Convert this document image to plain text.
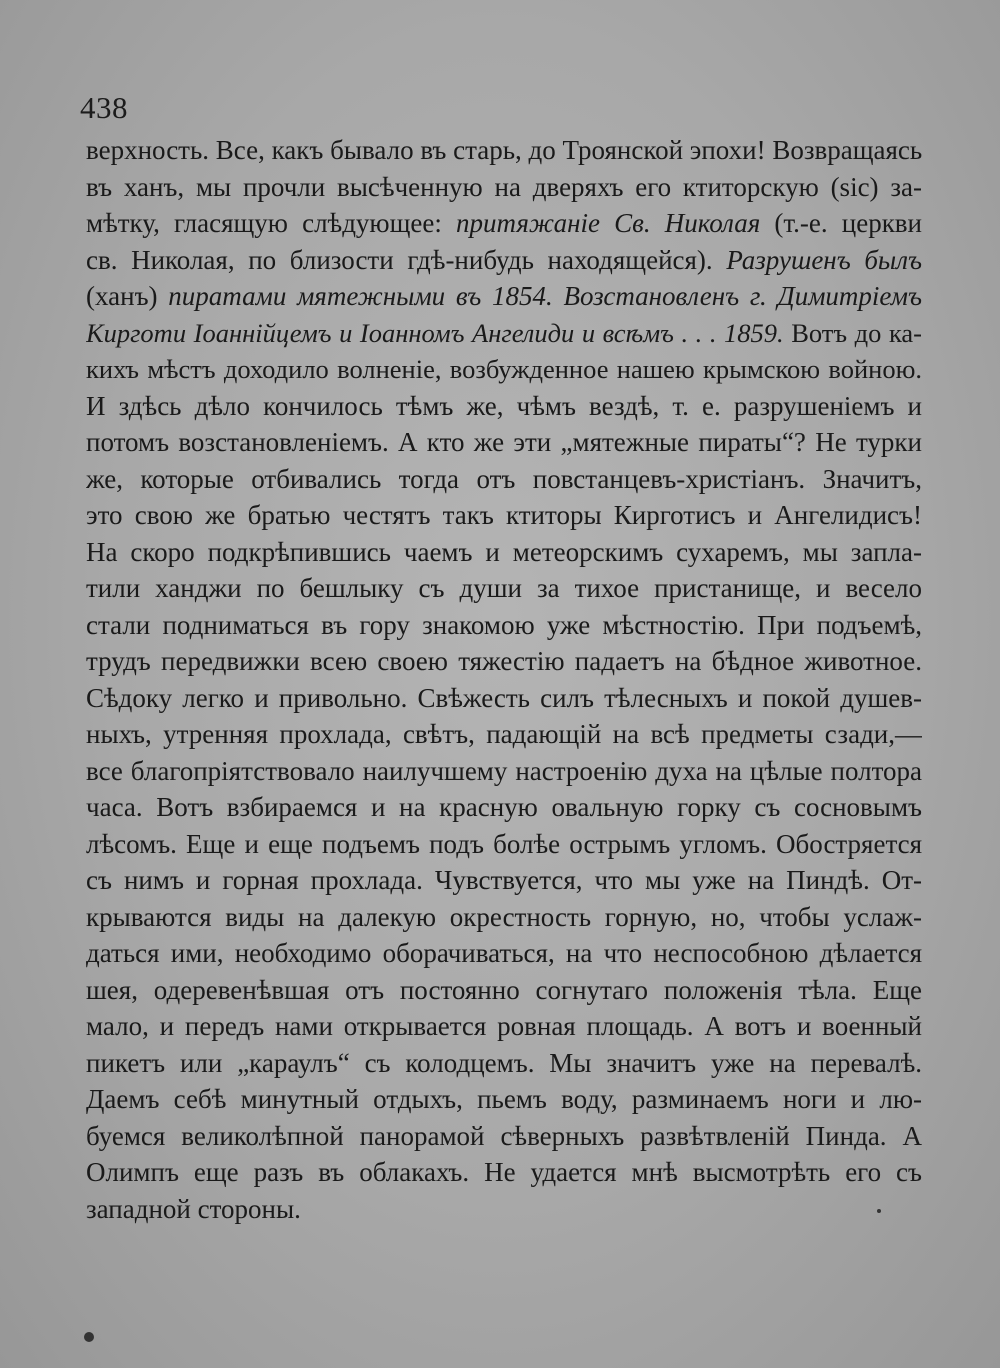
438
верхность. Все, какъ бывало въ старь, до Троянской эпохи! Возвращаясь
въ ханъ, мы прочли высѣченную на дверяхъ его ктиторскую (sic) за-
мѣтку, гласящую слѣдующее: притяжаніе Св. Николая (т.-е. церкви
св. Николая, по близости гдѣ-нибудь находящейся). Разрушенъ былъ
(ханъ) пиратами мятежными въ 1854. Возстановленъ г. Димитріемъ
Кирготи Іоаннійцемъ и Іоанномъ Ангелиди и всѣмъ . . . 1859. Вотъ до ка-
кихъ мѣстъ доходило волненіе, возбужденное нашею крымскою войною.
И здѣсь дѣло кончилось тѣмъ же, чѣмъ вездѣ, т. е. разрушеніемъ и
потомъ возстановленіемъ. А кто же эти „мятежные пираты“? Не турки
же, которые отбивались тогда отъ повстанцевъ-христіанъ. Значитъ,
это свою же братью честятъ такъ ктиторы Кирготисъ и Ангелидисъ!
На скоро подкрѣпившись чаемъ и метеорскимъ сухаремъ, мы запла-
тили ханджи по бешлыку съ души за тихое пристанище, и весело
стали подниматься въ гору знакомою уже мѣстностію. При подъемѣ,
трудъ передвижки всею своею тяжестію падаетъ на бѣдное животное.
Сѣдоку легко и привольно. Свѣжесть силъ тѣлесныхъ и покой душев-
ныхъ, утренняя прохлада, свѣтъ, падающій на всѣ предметы сзади,—
все благопріятствовало наилучшему настроенію духа на цѣлые полтора
часа. Вотъ взбираемся и на красную овальную горку съ сосновымъ
лѣсомъ. Еще и еще подъемъ подъ болѣе острымъ угломъ. Обостряется
съ нимъ и горная прохлада. Чувствуется, что мы уже на Пиндѣ. От-
крываются виды на далекую окрестность горную, но, чтобы услаж-
даться ими, необходимо оборачиваться, на что неспособною дѣлается
шея, одеревенѣвшая отъ постоянно согнутаго положенія тѣла. Еще
мало, и передъ нами открывается ровная площадь. А вотъ и военный
пикетъ или „караулъ“ съ колодцемъ. Мы значитъ уже на перевалѣ.
Даемъ себѣ минутный отдыхъ, пьемъ воду, разминаемъ ноги и лю-
буемся великолѣпной панорамой сѣверныхъ развѣтвленій Пинда. А
Олимпъ еще разъ въ облакахъ. Не удается мнѣ высмотрѣть его съ
западной стороны.
